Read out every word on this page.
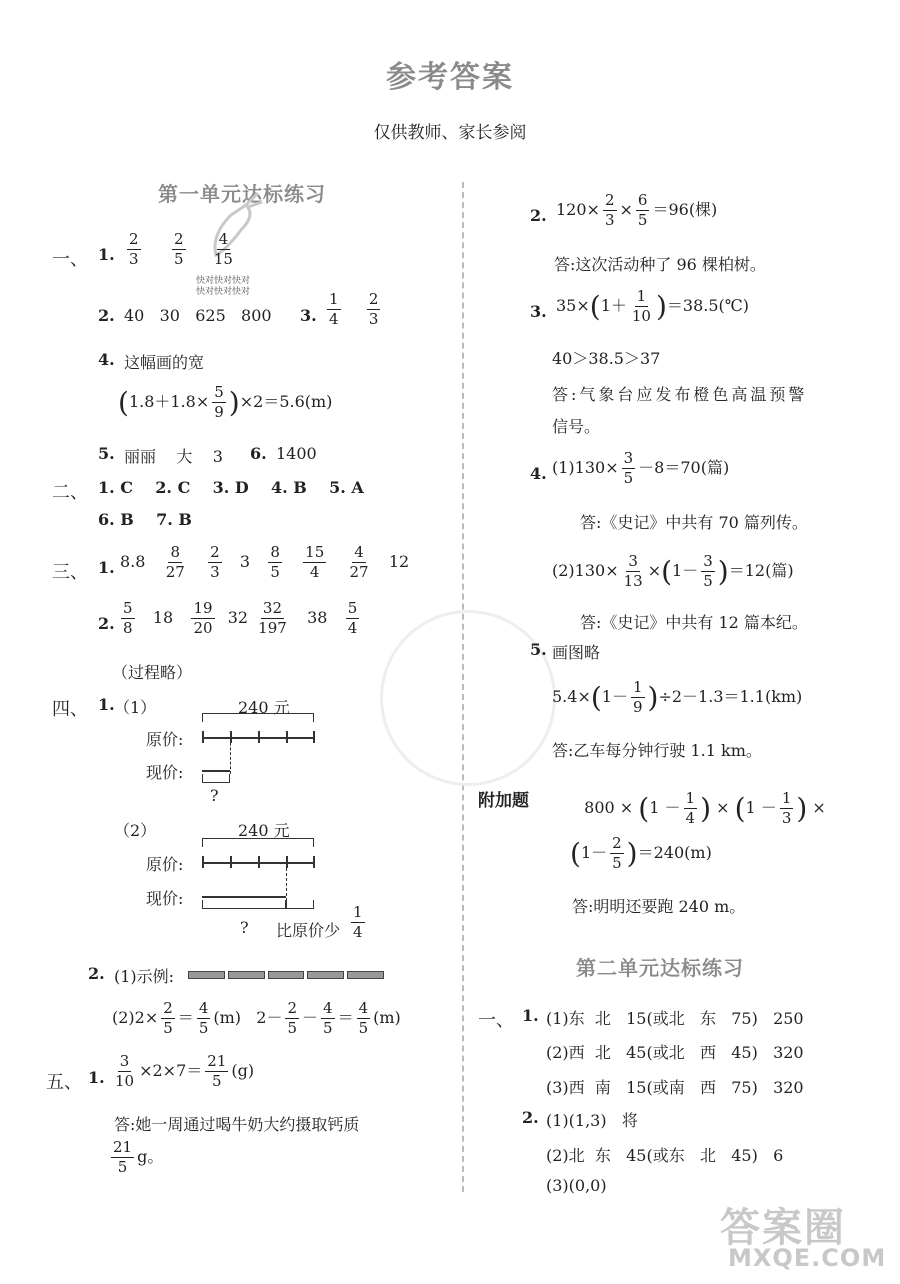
参考答案
仅供教师、家长参阅
第一单元达标练习
一、 1. $\frac{2}{3}$
$\frac{2}{5}$
$\frac{4}{15}$
快对快对快对
快对快对快对
2. 40   30   625   800 3. $\frac{1}{4}$
$\frac{2}{3}$
4. 这幅画的宽
$(1.8+1.8\times \frac{5}{9} )\times 2=5.6(m)$
5. 丽丽    大    3 6. 1400
二、 1. C    2. C    3. D    4. B    5. A
6. B    7. B
三、 1. $8.8 \frac{8}{27}$
$\frac{2}{3} 3 \frac{8}{5}$
$\frac{15}{4}$
$\frac{4}{27} 12$
2. $\frac{5}{8} 18 \frac{19}{20} 32 \frac{32}{197} 38 \frac{5}{4}$
（过程略）
四、 1. （1）	240 元
原价:
现价:
?
（2）	240 元
原价:
现价:
? 比原价少 $\frac{1}{4}$
2. (1)示例:
$(2)2\times \frac{2}{5} = \frac{4}{5} (m)$   $2- \frac{2}{5} - \frac{4}{5} = \frac{4}{5} (m)$
五、 1. $\frac{3}{10} \times 2\times 7= \frac{21}{5} (g)$
答:她一周通过喝牛奶大约摄取钙质
$\frac{21}{5}$ g。
2. $120\times \frac{2}{3} \times \frac{6}{5} =96$(棵)
答:这次活动种了 96 棵柏树。
3. $35\times(1+ \frac{1}{10}$ )＝38.5(℃)
40＞38.5＞37
答:气象台应发布橙色高温预警
信号。
4. $(1)130\times \frac{3}{5} -8=70$(篇)
答:《史记》中共有 70 篇列传。
$(2)130\times \frac{3}{13} \times(1- \frac{3}{5} )=12$(篇)
答:《史记》中共有 12 篇本纪。
5. 画图略
$5.4\times(1- \frac{1}{9} )\div 2-1.3=1.1(km)$
答:乙车每分钟行驶 1.1 km。
附加题	$800 \times (1 - \frac{1}{4}$ ) × ($1 - \frac{1}{3}$ ) ×

$(1- \frac{2}{5} )=240(m)$
答:明明还要跑 240 m。
第二单元达标练习
一、 1. (1)东  北   15(或北   东   75)   250
(2)西  北   45(或北   西   45)   320
(3)西  南   15(或南   西   75)   320
2. (1)(1,3)   将
(2)北  东   45(或东   北   45)   6
(3)(0,0)
答案圈
MXQE.COM
